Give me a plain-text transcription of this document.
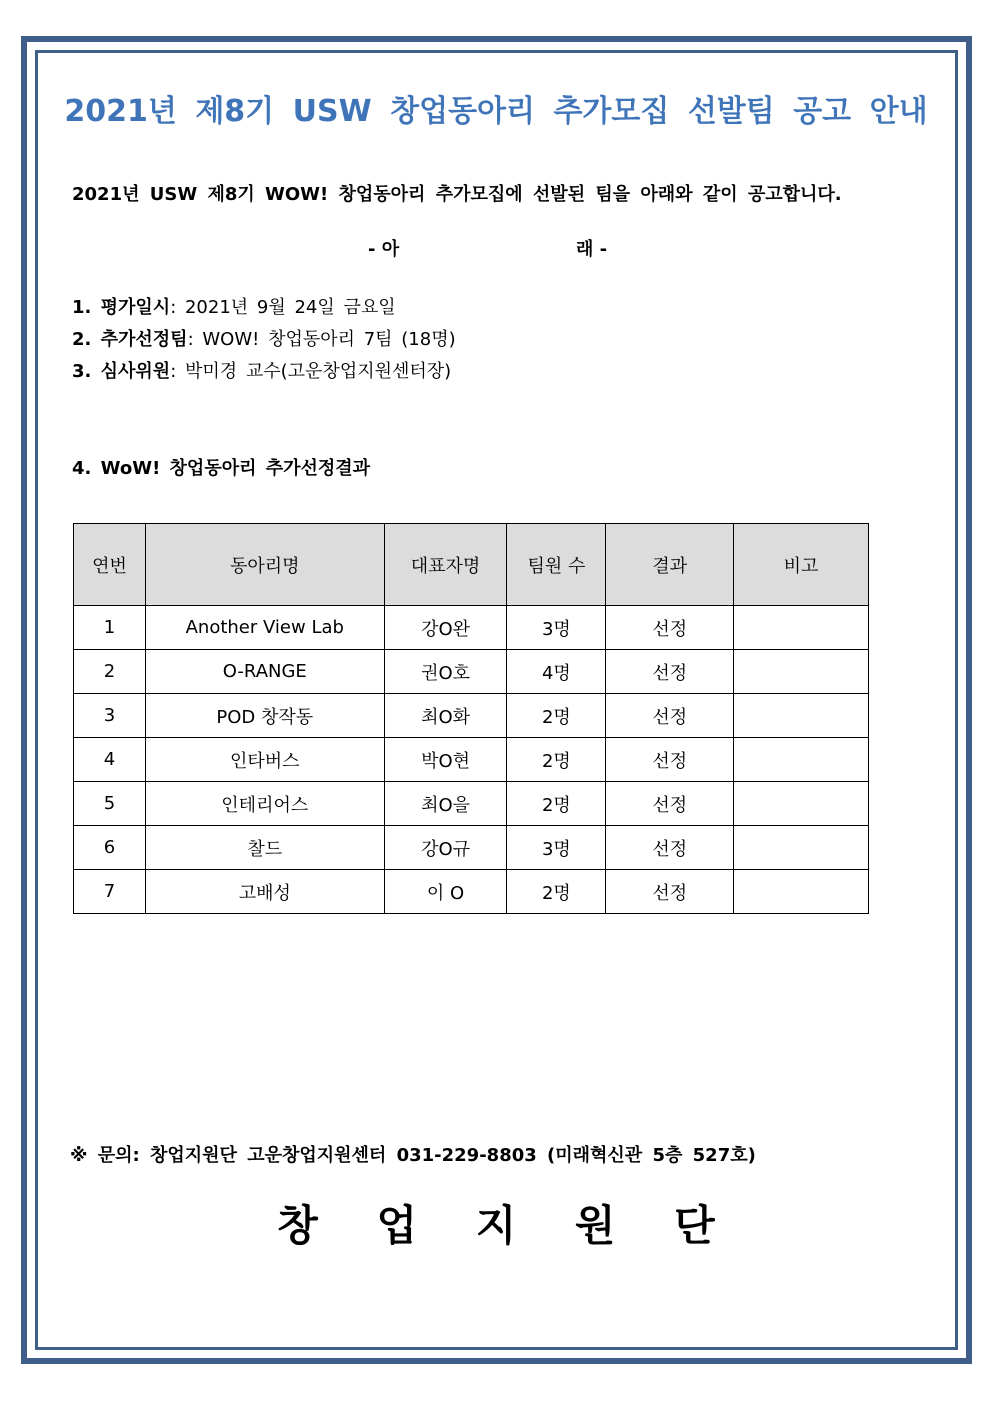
2021년 제8기 USW 창업동아리 추가모집 선발팀 공고 안내
2021년 USW 제8기 WOW! 창업동아리 추가모집에 선발된 팀을 아래와 같이 공고합니다.
- 아	래 -
1. 평가일시: 2021년 9월 24일 금요일
2. 추가선정팀: WOW! 창업동아리 7팀 (18명)
3. 심사위원: 박미경 교수(고운창업지원센터장)
4. WoW! 창업동아리 추가선정결과
연번	동아리명	대표자명	팀원 수	결과	비고
1	Another View Lab	강O완	3명	선정	
2	O-RANGE	권O호	4명	선정	
3	POD 창작동	최O화	2명	선정	
4	인타버스	박O현	2명	선정	
5	인테리어스	최O을	2명	선정	
6	찰드	강O규	3명	선정	
7	고배성	이 O	2명	선정	
※ 문의: 창업지원단 고운창업지원센터 031-229-8803 (미래혁신관 5층 527호)
창 업 지 원 단
